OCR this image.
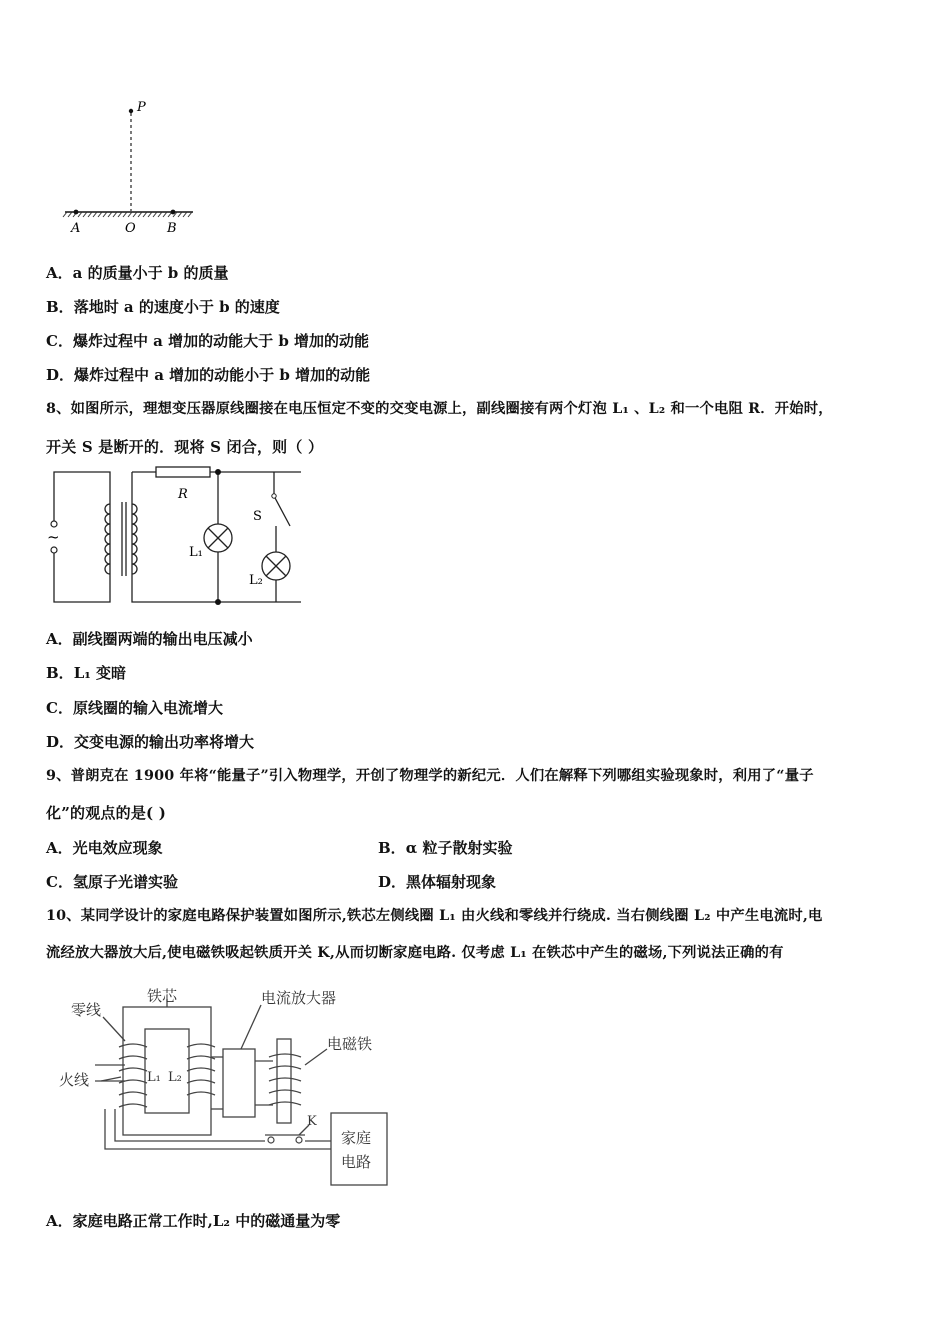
P
A	O B
A．a 的质量小于 b 的质量
B．落地时 a 的速度小于 b 的速度
C．爆炸过程中 a 增加的动能大于 b 增加的动能
D．爆炸过程中 a 增加的动能小于 b 增加的动能
8、如图所示，理想变压器原线圈接在电压恒定不变的交变电源上，副线圈接有两个灯泡 L₁ 、L₂ 和一个电阻 R．开始时，
开关 S 是断开的．现将 S 闭合，则（ ）
~
R
S
L₁
L₂
A．副线圈两端的输出电压减小
B．L₁ 变暗
C．原线圈的输入电流增大
D．交变电源的输出功率将增大
9、普朗克在 1900 年将“能量子”引入物理学，开创了物理学的新纪元．人们在解释下列哪组实验现象时，利用了“量子
化”的观点的是( )
A．光电效应现象	B．α 粒子散射实验
C．氢原子光谱实验	D．黑体辐射现象
10、某同学设计的家庭电路保护装置如图所示,铁芯左侧线圈 L₁ 由火线和零线并行绕成. 当右侧线圈 L₂ 中产生电流时,电
流经放大器放大后,使电磁铁吸起铁质开关 K,从而切断家庭电路. 仅考虑 L₁ 在铁芯中产生的磁场,下列说法正确的有
零线
铁芯
火线
电流放大器
电磁铁
L₁ L₂
K
家庭
电路
A．家庭电路正常工作时,L₂ 中的磁通量为零
